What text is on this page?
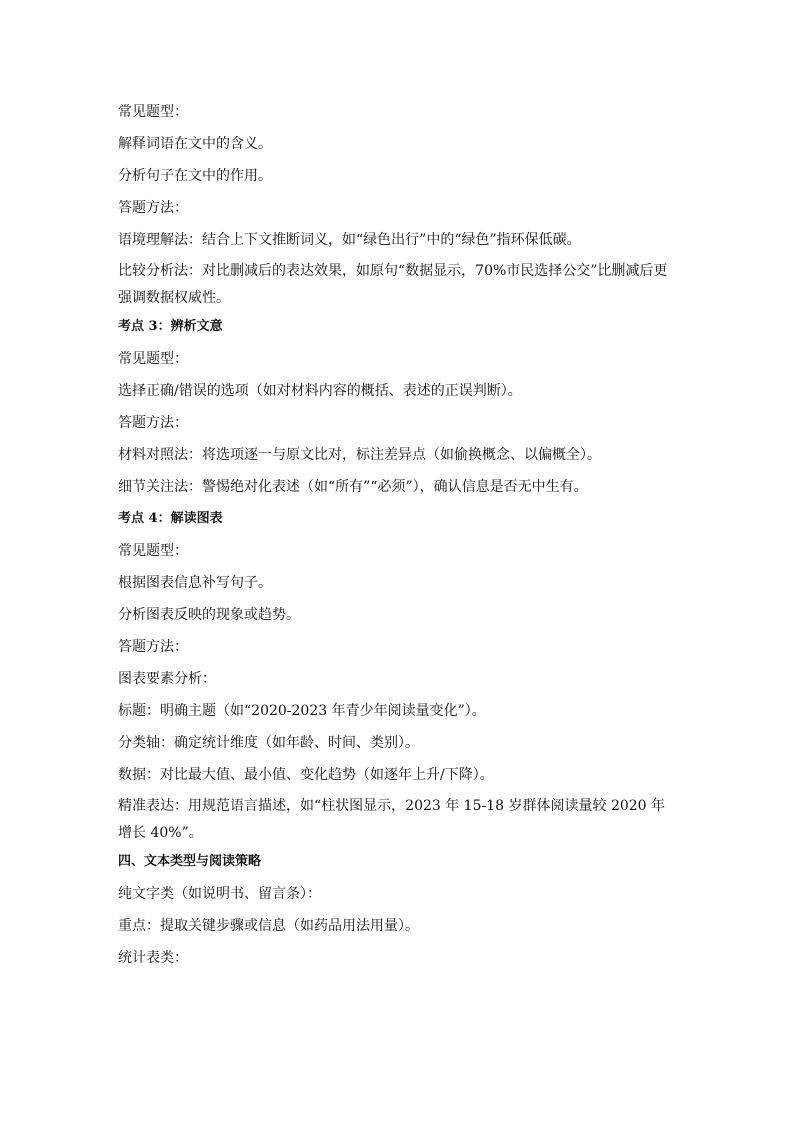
常见题型：

解释词语在文中的含义。

分析句子在文中的作用。

答题方法：

语境理解法：结合上下文推断词义，如“绿色出行”中的“绿色”指环保低碳。

比较分析法：对比删减后的表达效果，如原句“数据显示，70%市民选择公交”比删减后更强调数据权威性。

考点 3：辨析文意

常见题型：

选择正确/错误的选项（如对材料内容的概括、表述的正误判断）。

答题方法：

材料对照法：将选项逐一与原文比对，标注差异点（如偷换概念、以偏概全）。

细节关注法：警惕绝对化表述（如“所有”“必须”），确认信息是否无中生有。

考点 4：解读图表

常见题型：

根据图表信息补写句子。

分析图表反映的现象或趋势。

答题方法：

图表要素分析：

标题：明确主题（如“2020-2023 年青少年阅读量变化”）。

分类轴：确定统计维度（如年龄、时间、类别）。

数据：对比最大值、最小值、变化趋势（如逐年上升/下降）。

精准表达：用规范语言描述，如“柱状图显示，2023 年 15-18 岁群体阅读量较 2020 年增长 40%”。

四、文本类型与阅读策略

纯文字类（如说明书、留言条）：

重点：提取关键步骤或信息（如药品用法用量）。

统计表类：
